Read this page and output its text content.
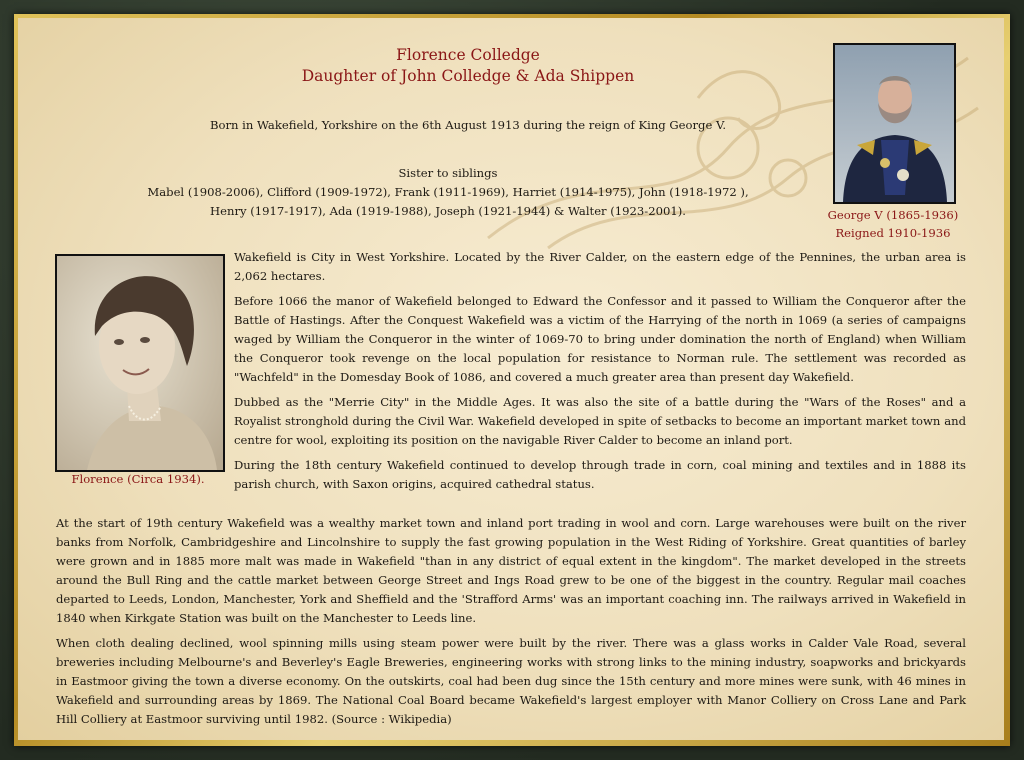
Florence Colledge
Daughter of John Colledge & Ada Shippen
Born in Wakefield, Yorkshire on the 6th August 1913 during the reign of King George V.
Sister to siblings
Mabel (1908-2006), Clifford (1909-1972), Frank (1911-1969), Harriet (1914-1975), John (1918-1972 ),
Henry (1917-1917), Ada (1919-1988), Joseph (1921-1944) & Walter (1923-2001).	George V (1865-1936)
Reigned 1910-1936
Florence (Circa 1934).

Wakefield is City in West Yorkshire. Located by the River Calder, on the eastern edge of the Pennines, the urban area is 2,062 hectares.

Before 1066 the manor of Wakefield belonged to Edward the Confessor and it passed to William the Conqueror after the Battle of Hastings. After the Conquest Wakefield was a victim of the Harrying of the north in 1069 (a series of campaigns waged by William the Conqueror in the winter of 1069-70 to bring under domination the north of England) when William the Conqueror took revenge on the local population for resistance to Norman rule. The settlement was recorded as "Wachfeld" in the Domesday Book of 1086, and covered a much greater area than present day Wakefield.

Dubbed as the "Merrie City" in the Middle Ages. It was also the site of a battle during the "Wars of the Roses" and a Royalist stronghold during the Civil War. Wakefield developed in spite of setbacks to become an important market town and centre for wool, exploiting its position on the navigable River Calder to become an inland port.

During the 18th century Wakefield continued to develop through trade in corn, coal mining and textiles and in 1888 its parish church, with Saxon origins, acquired cathedral status.

At the start of 19th century Wakefield was a wealthy market town and inland port trading in wool and corn. Large warehouses were built on the river banks from Norfolk, Cambridgeshire and Lincolnshire to supply the fast growing population in the West Riding of Yorkshire. Great quantities of barley were grown and in 1885 more malt was made in Wakefield "than in any district of equal extent in the kingdom". The market developed in the streets around the Bull Ring and the cattle market between George Street and Ings Road grew to be one of the biggest in the country. Regular mail coaches departed to Leeds, London, Manchester, York and Sheffield and the 'Strafford Arms' was an important coaching inn. The railways arrived in Wakefield in 1840 when Kirkgate Station was built on the Manchester to Leeds line.

When cloth dealing declined, wool spinning mills using steam power were built by the river. There was a glass works in Calder Vale Road, several breweries including Melbourne's and Beverley's Eagle Breweries, engineering works with strong links to the mining industry, soapworks and brickyards in Eastmoor giving the town a diverse economy. On the outskirts, coal had been dug since the 15th century and more mines were sunk, with 46 mines in Wakefield and surrounding areas by 1869. The National Coal Board became Wakefield's largest employer with Manor Colliery on Cross Lane and Park Hill Colliery at Eastmoor surviving until 1982. (Source : Wikipedia)
